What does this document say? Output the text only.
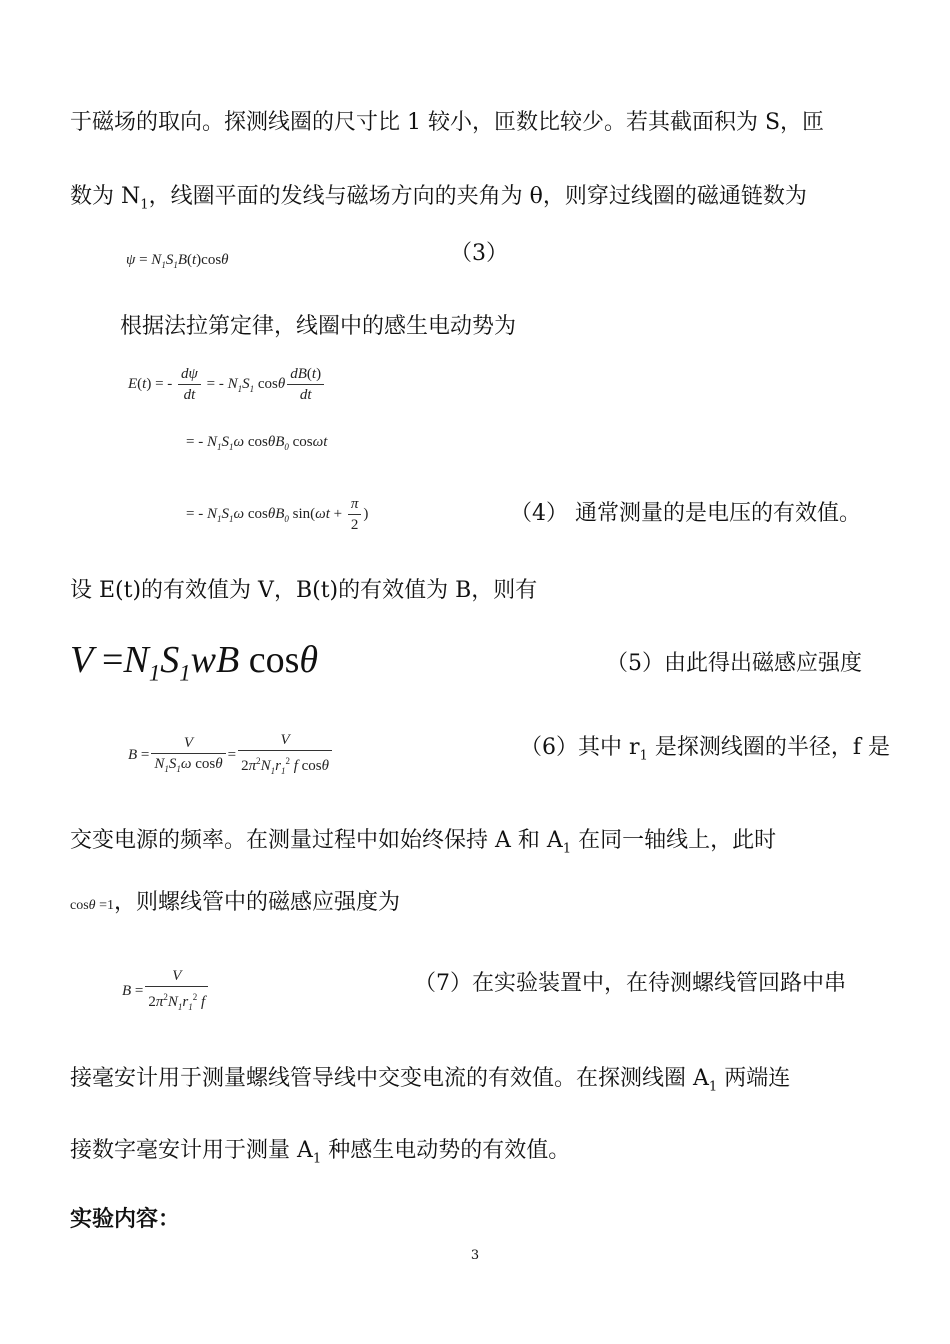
于磁场的取向。探测线圈的尺寸比 1 较小，匝数比较少。若其截面积为 S，匝
数为 $N_1$，线圈平面的发线与磁场方向的夹角为 θ，则穿过线圈的磁通链数为
$\psi = N_1S_1B(t)\cos\theta$	（3）
根据法拉第定律，线圈中的感生电动势为
E(t) = - $\frac{d\psi}{dt}$ = - $N_1S_1$ cosθ $\frac{dB(t)}{dt}$
= - $N_1S_1\omega$ cosθB$_0$ cosωt
= - $N_1S_1\omega$ cosθB$_0$ $\sin(\omega t + \frac{\pi}{2}$ )	（4） 通常测量的是电压的有效值。
设 E(t)的有效值为 V，B(t)的有效值为 B，则有
$V =N_1S_1wB$ cosθ	（5）由此得出磁感应强度
$B = \frac{V}{N_1S_1\omega \cos\theta} = \frac{V}{2\pi^2N_1r_1^2 f \cos\theta}$	（6）其中 $r_1$ 是探测线圈的半径，f 是
交变电源的频率。在测量过程中如始终保持 A 和 $A_1$ 在同一轴线上，此时
cosθ =1，则螺线管中的磁感应强度为
$B = \frac{V}{2\pi^2N_1r_1^2 f}$	（7）在实验装置中，在待测螺线管回路中串
接毫安计用于测量螺线管导线中交变电流的有效值。在探测线圈 $A_1$ 两端连
接数字毫安计用于测量 $A_1$ 种感生电动势的有效值。
实验内容：
3
